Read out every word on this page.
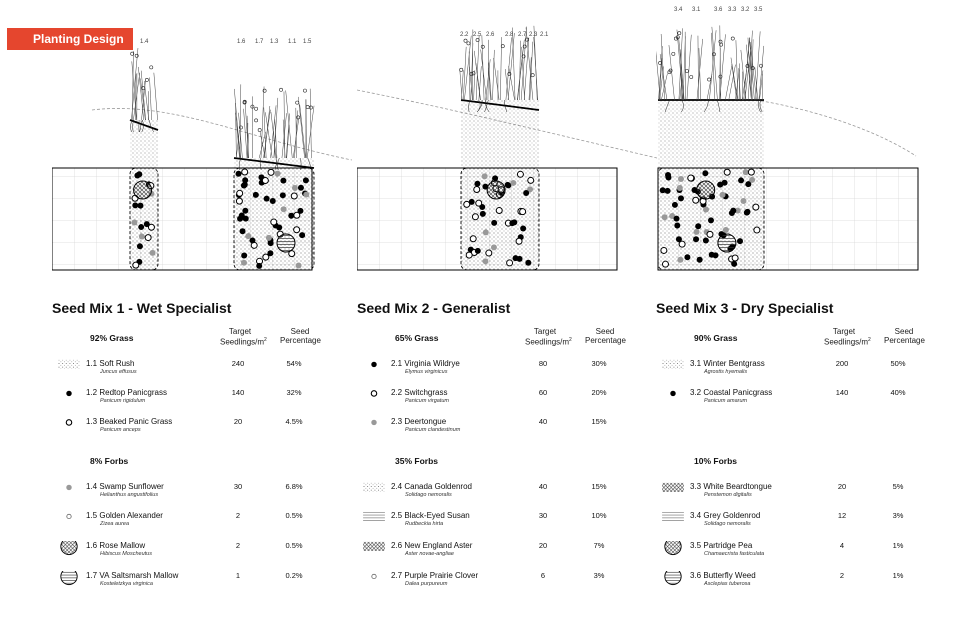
Planting Design	1.4	1.6 1.7 1.3 1.1 1.5
Seed Mix 1 - Wet Specialist
Target
Seedlings/$m^2$
Seed
Percentage
92% Grass
1.1 Soft Rush
Juncus effusus
240	54%
1.2 Redtop Panicgrass
Panicum rigidulum
140	32%
1.3 Beaked Panic Grass
Panicum anceps
20	4.5%
8% Forbs
1.4 Swamp Sunflower
Helianthus angustifolius
30	6.8%
1.5 Golden Alexander
Zizea aurea
2	0.5%
1.6 Rose Mallow
Hibiscus Moscheutus
2	0.5%
1.7 VA Saltsmarsh Mallow
Kosteletzkya virginica
1	0.2%
2.2 2.5 2.6 2.8 2.7 2.3 2.1
Seed Mix 2 - Generalist
Target
Seedlings/$m^2$
Seed
Percentage
65% Grass
2.1 Virginia Wildrye
Elymus virginicus
80	30%
2.2 Switchgrass
Panicum virgatum
60	20%
2.3 Deertongue
Panicum clandestinum
40	15%
35% Forbs
2.4 Canada Goldenrod
Solidago nemoralis
40	15%
2.5 Black-Eyed Susan
Rudbeckia hirta
30	10%
2.6 New England Aster
Aster novae-angliae
20	7%
2.7 Purple Prairie Clover
Dalea purpureum
6	3%
3.4 3.1 3.6 3.3 3.2 3.5
Seed Mix 3 - Dry Specialist
Target
Seedlings/$m^2$
Seed
Percentage
90% Grass
3.1 Winter Bentgrass
Agrostis hyemalis
200	50%
3.2 Coastal Panicgrass
Panicum amarum
140	40%
10% Forbs
3.3 White Beardtongue
Penstemon digitalis
20	5%
3.4 Grey Goldenrod
Solidago nemoralis
12	3%
3.5 Partridge Pea
Chamaecrista fasticulata
4	1%
3.6 Butterfly Weed
Asclepias tuberosa
2	1%
